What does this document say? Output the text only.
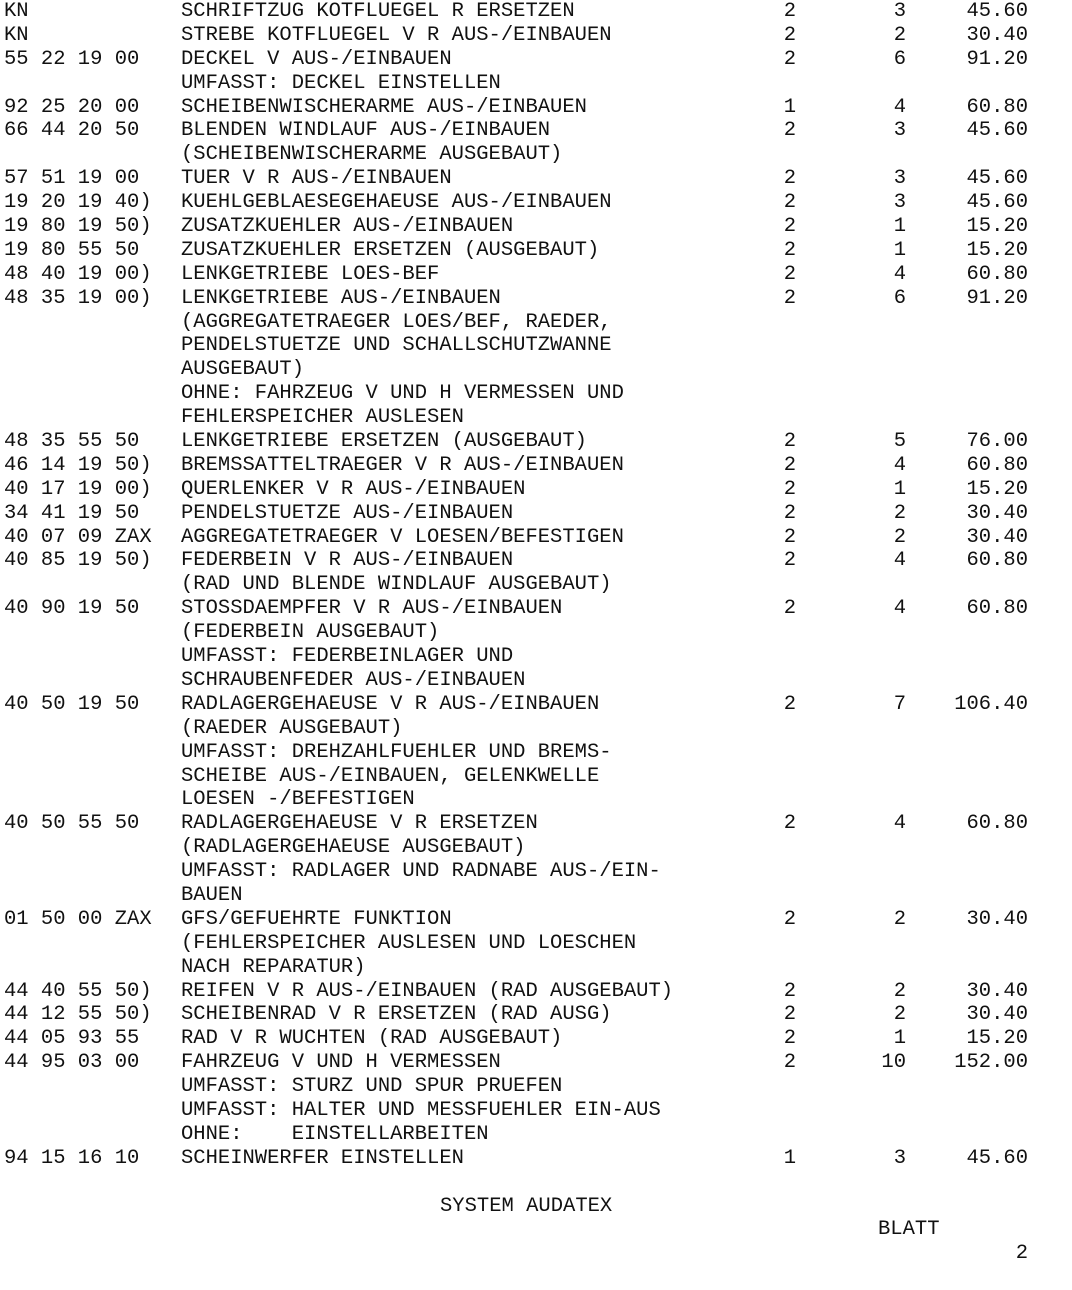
KN	SCHRIFTZUG KOTFLUEGEL R ERSETZEN	2	3	45.60
KN	STREBE KOTFLUEGEL V R AUS-/EINBAUEN	2	2	30.40
55 22 19 00 DECKEL V AUS-/EINBAUEN	2	6	91.20
UMFASST: DECKEL EINSTELLEN
92 25 20 00 SCHEIBENWISCHERARME AUS-/EINBAUEN	1	4	60.80
66 44 20 50 BLENDEN WINDLAUF AUS-/EINBAUEN	2	3	45.60
(SCHEIBENWISCHERARME AUSGEBAUT)
57 51 19 00 TUER V R AUS-/EINBAUEN	2	3	45.60
19 20 19 40) KUEHLGEBLAESEGEHAEUSE AUS-/EINBAUEN	2	3	45.60
19 80 19 50) ZUSATZKUEHLER AUS-/EINBAUEN	2	1	15.20
19 80 55 50 ZUSATZKUEHLER ERSETZEN (AUSGEBAUT)	2	1	15.20
48 40 19 00) LENKGETRIEBE LOES-BEF	2	4	60.80
48 35 19 00) LENKGETRIEBE AUS-/EINBAUEN	2	6	91.20
(AGGREGATETRAEGER LOES/BEF, RAEDER,
PENDELSTUETZE UND SCHALLSCHUTZWANNE
AUSGEBAUT)
OHNE: FAHRZEUG V UND H VERMESSEN UND
FEHLERSPEICHER AUSLESEN
48 35 55 50 LENKGETRIEBE ERSETZEN (AUSGEBAUT)	2	5	76.00
46 14 19 50) BREMSSATTELTRAEGER V R AUS-/EINBAUEN	2	4	60.80
40 17 19 00) QUERLENKER V R AUS-/EINBAUEN	2	1	15.20
34 41 19 50 PENDELSTUETZE AUS-/EINBAUEN	2	2	30.40
40 07 09 ZAX AGGREGATETRAEGER V LOESEN/BEFESTIGEN	2	2	30.40
40 85 19 50) FEDERBEIN V R AUS-/EINBAUEN	2	4	60.80
(RAD UND BLENDE WINDLAUF AUSGEBAUT)
40 90 19 50 STOSSDAEMPFER V R AUS-/EINBAUEN	2	4	60.80
(FEDERBEIN AUSGEBAUT)
UMFASST: FEDERBEINLAGER UND
SCHRAUBENFEDER AUS-/EINBAUEN
40 50 19 50 RADLAGERGEHAEUSE V R AUS-/EINBAUEN	2	7	106.40
(RAEDER AUSGEBAUT)
UMFASST: DREHZAHLFUEHLER UND BREMS-
SCHEIBE AUS-/EINBAUEN, GELENKWELLE
LOESEN -/BEFESTIGEN
40 50 55 50 RADLAGERGEHAEUSE V R ERSETZEN	2	4	60.80
(RADLAGERGEHAEUSE AUSGEBAUT)
UMFASST: RADLAGER UND RADNABE AUS-/EIN-
BAUEN
01 50 00 ZAX GFS/GEFUEHRTE FUNKTION	2	2	30.40
(FEHLERSPEICHER AUSLESEN UND LOESCHEN
NACH REPARATUR)
44 40 55 50) REIFEN V R AUS-/EINBAUEN (RAD AUSGEBAUT)	2	2	30.40
44 12 55 50) SCHEIBENRAD V R ERSETZEN (RAD AUSG)	2	2	30.40
44 05 93 55 RAD V R WUCHTEN (RAD AUSGEBAUT)	2	1	15.20
44 95 03 00 FAHRZEUG V UND H VERMESSEN	2	10	152.00
UMFASST: STURZ UND SPUR PRUEFEN
UMFASST: HALTER UND MESSFUEHLER EIN-AUS
OHNE:    EINSTELLARBEITEN
94 15 16 10 SCHEINWERFER EINSTELLEN	1	3	45.60

SYSTEM AUDATEX

BLATT

2
